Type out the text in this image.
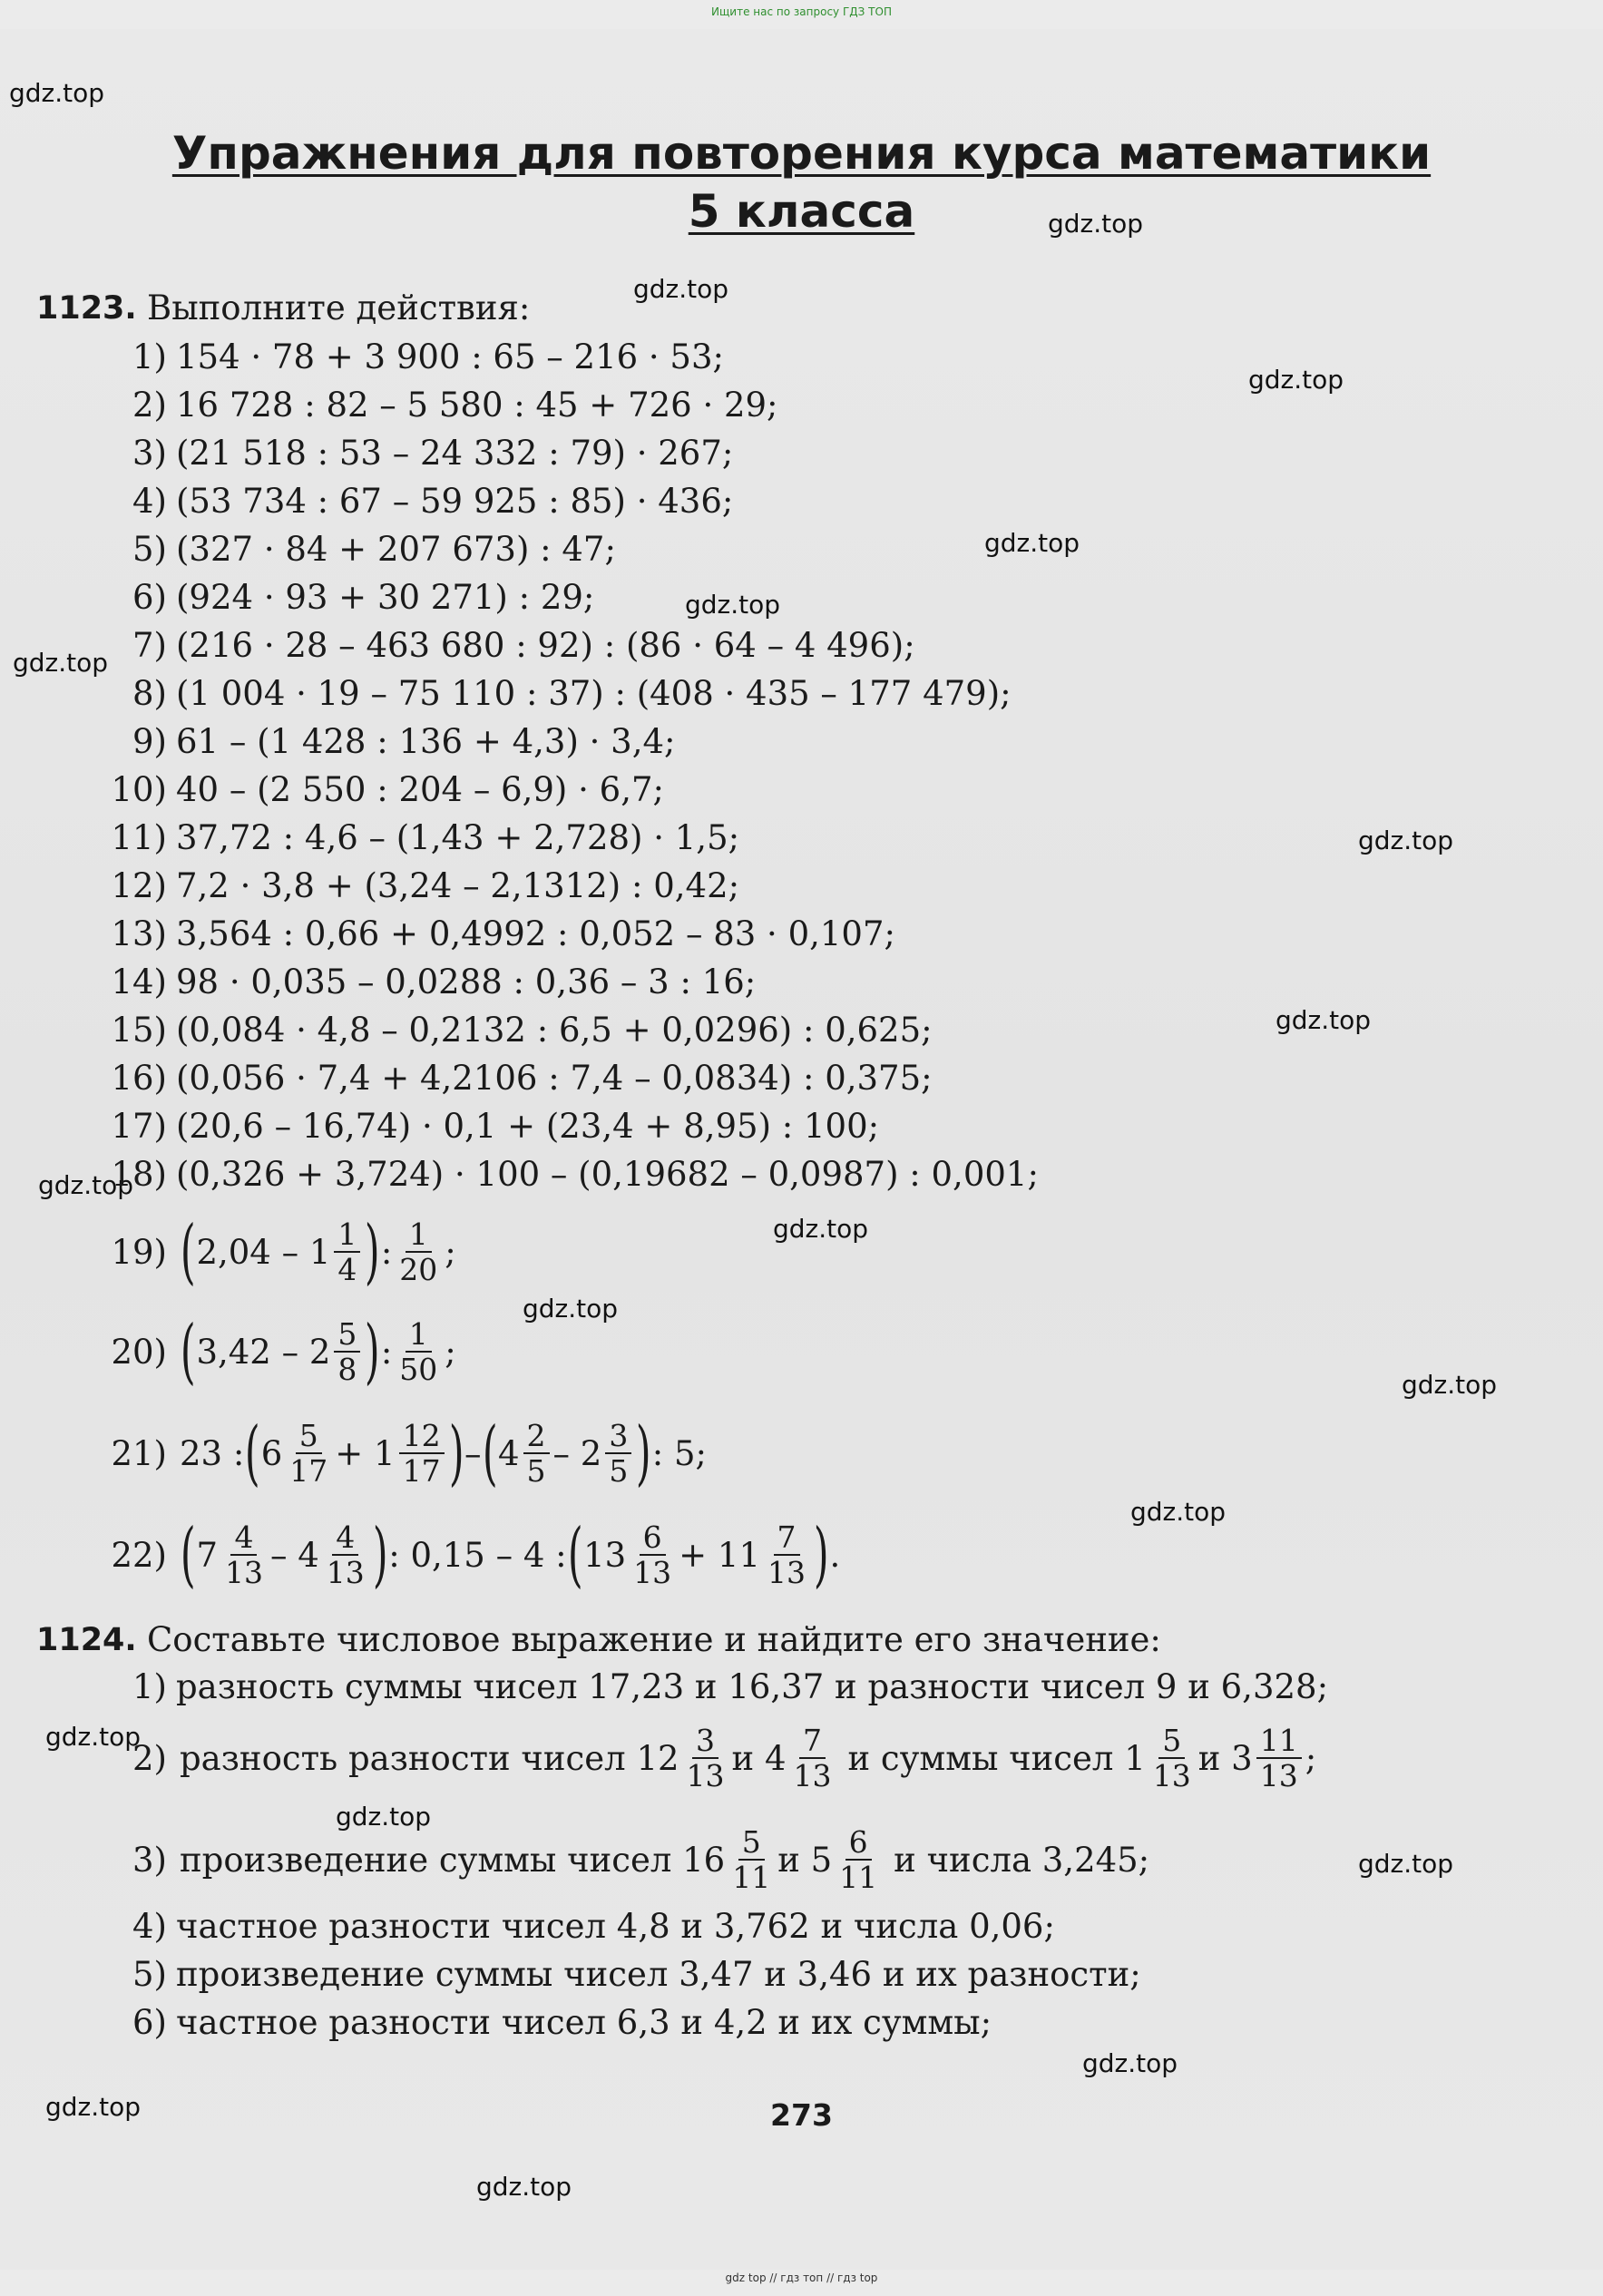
Ищите нас по запросу ГДЗ ТОП
gdz.top
gdz.top
gdz.top
gdz.top
gdz.top
gdz.top
gdz.top
gdz.top
gdz.top
gdz.top
gdz.top
gdz.top
gdz.top
gdz.top
gdz.top
gdz.top
gdz.top
gdz.top
gdz.top
gdz.top
Упражнения для повторения курса математики
5 класса
1123. Выполните действия:
1) 154 · 78 + 3 900 : 65 – 216 · 53;
2) 16 728 : 82 – 5 580 : 45 + 726 · 29;
3) (21 518 : 53 – 24 332 : 79) · 267;
4) (53 734 : 67 – 59 925 : 85) · 436;
5) (327 · 84 + 207 673) : 47;
6) (924 · 93 + 30 271) : 29;
7) (216 · 28 – 463 680 : 92) : (86 · 64 – 4 496);
8) (1 004 · 19 – 75 110 : 37) : (408 · 435 – 177 479);
9) 61 – (1 428 : 136 + 4,3) · 3,4;
10) 40 – (2 550 : 204 – 6,9) · 6,7;
11) 37,72 : 4,6 – (1,43 + 2,728) · 1,5;
12) 7,2 · 3,8 + (3,24 – 2,1312) : 0,42;
13) 3,564 : 0,66 + 0,4992 : 0,052 – 83 · 0,107;
14) 98 · 0,035 – 0,0288 : 0,36 – 3 : 16;
15) (0,084 · 4,8 – 0,2132 : 6,5 + 0,0296) : 0,625;
16) (0,056 · 7,4 + 4,2106 : 7,4 – 0,0834) : 0,375;
17) (20,6 – 16,74) · 0,1 + (23,4 + 8,95) : 100;
18) (0,326 + 3,724) · 100 – (0,19682 – 0,0987) : 0,001;
19) ( 2,04 – 1 1
4 ) : 1
20 ;
20) ( 3,42 – 2 5
8 ) : 1
50 ;
21) 23 : ( 6 5
17 + 1 12
17 ) – ( 4 2
5 – 2 3
5 ) : 5;
22) ( 7 4
13 – 4 4
13 ) : 0,15 – 4 : ( 13 6
13 + 11 7
13 ) .
1124. Составьте числовое выражение и найдите его значение:
1) разность суммы чисел 17,23 и 16,37 и разности чисел 9 и 6,328;
2) разность разности чисел 12 3
13 и 4 7
13 и суммы чисел 1 5
13 и 3 11
13 ;
3) произведение суммы чисел 16 5
11 и 5 6
11 и числа 3,245;
4) частное разности чисел 4,8 и 3,762 и числа 0,06;
5) произведение суммы чисел 3,47 и 3,46 и их разности;
6) частное разности чисел 6,3 и 4,2 и их суммы;
273
gdz top // гдз топ // гдз top
